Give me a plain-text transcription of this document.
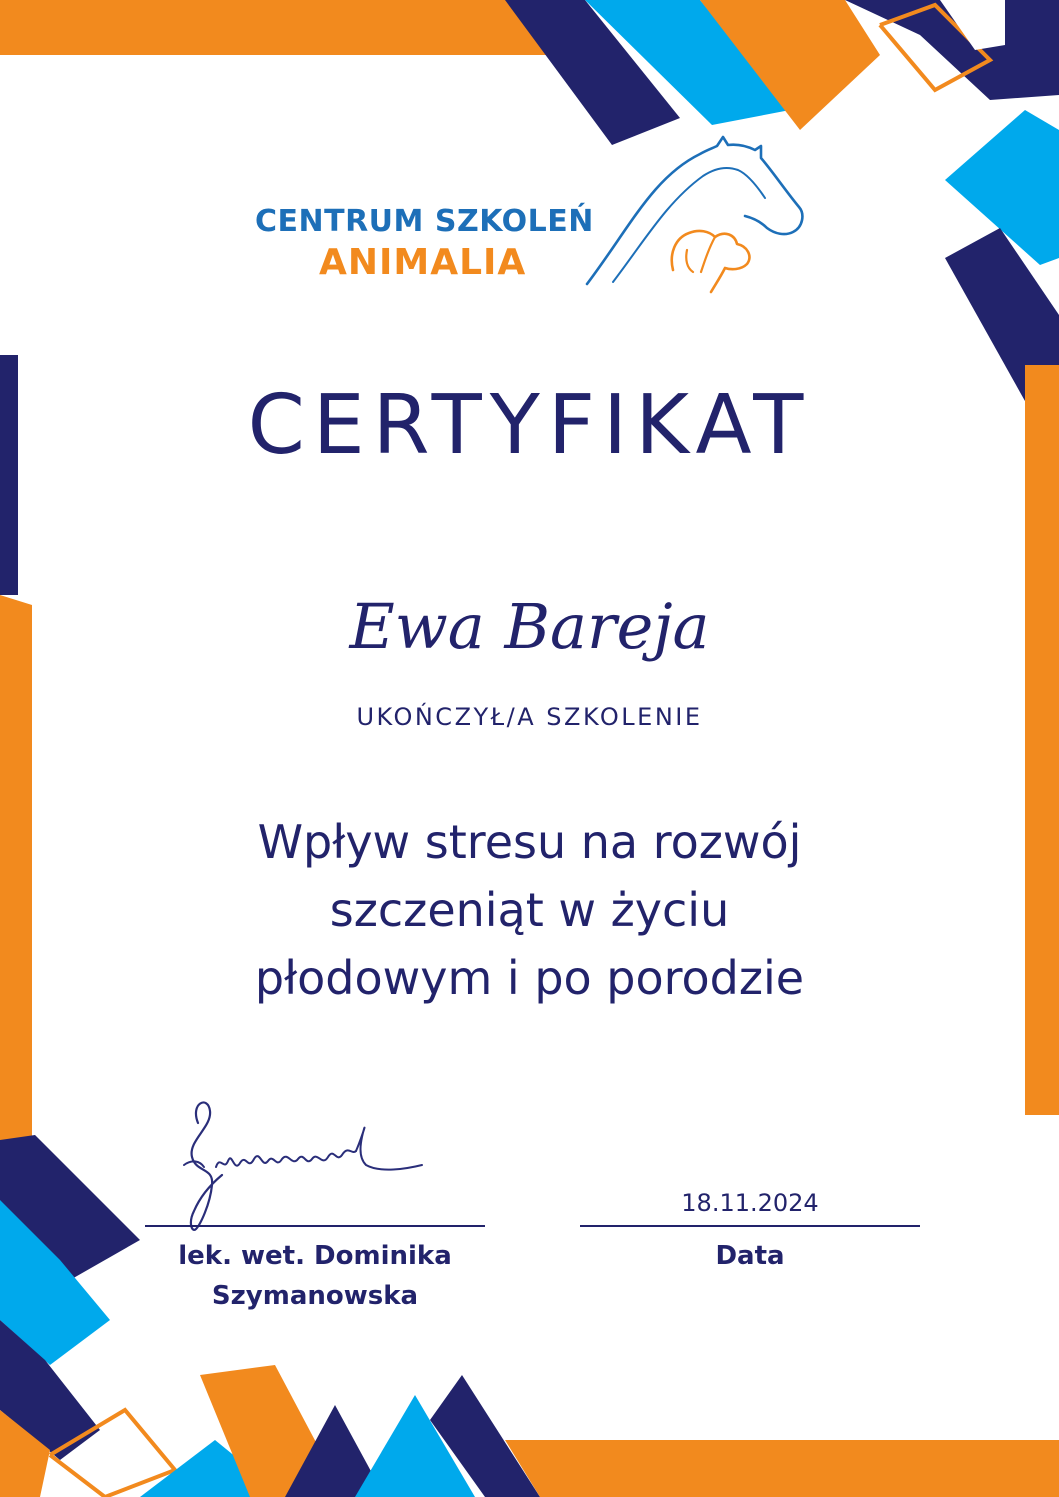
CENTRUM SZKOLEŃ
ANIMALIA
CERTYFIKAT
Ewa Bareja
UKOŃCZYŁ/A SZKOLENIE
Wpływ stresu na rozwój
szczeniąt w życiu
płodowym i po porodzie
lek. wet. Dominika
Szymanowska
18.11.2024
Data
